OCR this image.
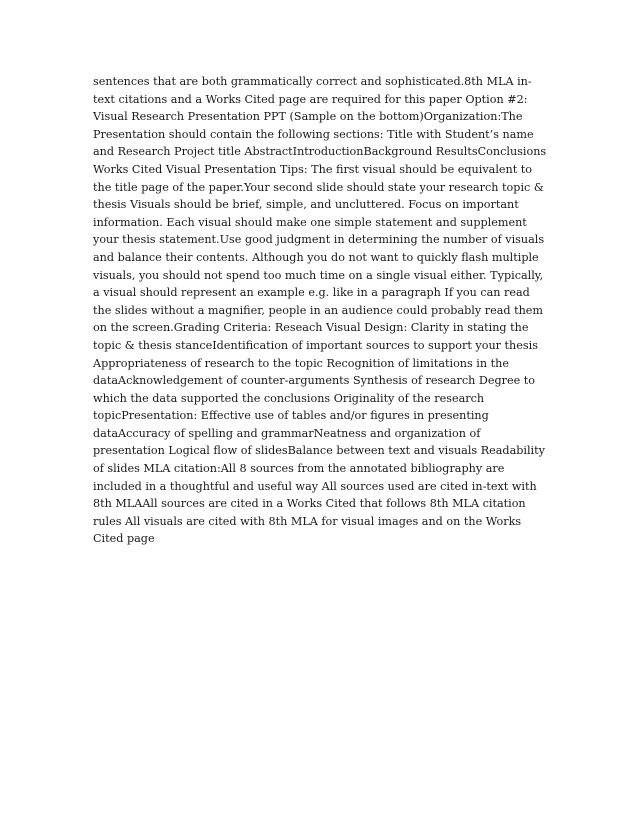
sentences that are both grammatically correct and sophisticated.8th MLA in-text citations and a Works Cited page are required for this paper Option #2: Visual Research Presentation PPT (Sample on the bottom)Organization:The Presentation should contain the following sections: Title with Student’s name and Research Project title AbstractIntroductionBackground ResultsConclusions Works Cited Visual Presentation Tips: The first visual should be equivalent to the title page of the paper.Your second slide should state your research topic & thesis Visuals should be brief, simple, and uncluttered. Focus on important information. Each visual should make one simple statement and supplement your thesis statement.Use good judgment in determining the number of visuals and balance their contents. Although you do not want to quickly flash multiple visuals, you should not spend too much time on a single visual either. Typically, a visual should represent an example e.g. like in a paragraph If you can read the slides without a magnifier, people in an audience could probably read them on the screen.Grading Criteria: Reseach Visual Design: Clarity in stating the topic & thesis stanceIdentification of important sources to support your thesis Appropriateness of research to the topic Recognition of limitations in the dataAcknowledgement of counter-arguments Synthesis of research Degree to which the data supported the conclusions Originality of the research topicPresentation: Effective use of tables and/or figures in presenting dataAccuracy of spelling and grammarNeatness and organization of presentation Logical flow of slidesBalance between text and visuals Readability of slides MLA citation:All 8 sources from the annotated bibliography are included in a thoughtful and useful way All sources used are cited in-text with 8th MLAAll sources are cited in a Works Cited that follows 8th MLA citation rules All visuals are cited with 8th MLA for visual images and on the Works Cited page
